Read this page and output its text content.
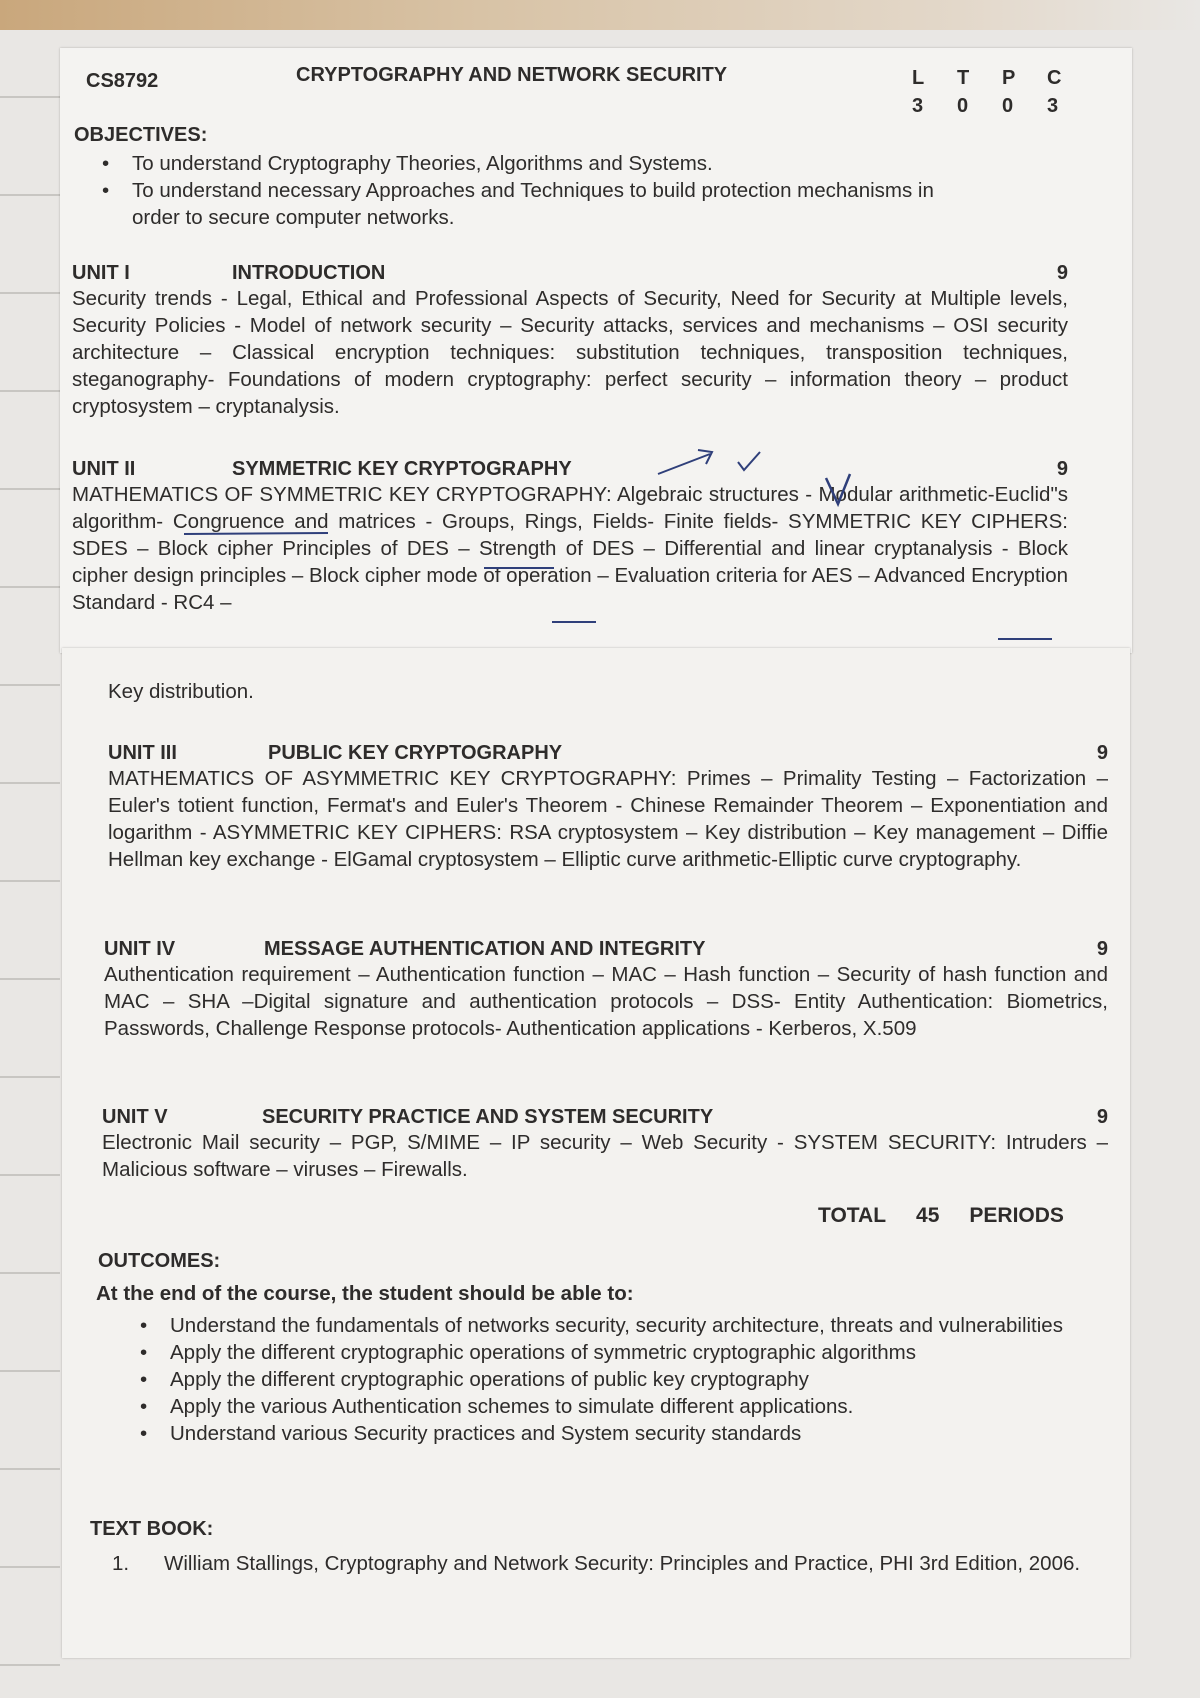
CS8792	CRYPTOGRAPHY AND NETWORK SECURITY	L	T	P	C
3	0	0	3
OBJECTIVES:
• To understand Cryptography Theories, Algorithms and Systems.
• To understand necessary Approaches and Techniques to build protection mechanisms in order to secure computer networks.
UNIT I	INTRODUCTION	9
Security trends - Legal, Ethical and Professional Aspects of Security, Need for Security at Multiple levels, Security Policies - Model of network security – Security attacks, services and mechanisms – OSI security architecture – Classical encryption techniques: substitution techniques, transposition techniques, steganography- Foundations of modern cryptography: perfect security – information theory – product cryptosystem – cryptanalysis.
UNIT II	SYMMETRIC KEY CRYPTOGRAPHY	9
MATHEMATICS OF SYMMETRIC KEY CRYPTOGRAPHY: Algebraic structures - Modular arithmetic-Euclid"s algorithm- Congruence and matrices - Groups, Rings, Fields- Finite fields- SYMMETRIC KEY CIPHERS: SDES – Block cipher Principles of DES – Strength of DES – Differential and linear cryptanalysis - Block cipher design principles – Block cipher mode of operation – Evaluation criteria for AES – Advanced Encryption Standard - RC4 –
Key distribution.
UNIT III	PUBLIC KEY CRYPTOGRAPHY	9
MATHEMATICS OF ASYMMETRIC KEY CRYPTOGRAPHY: Primes – Primality Testing – Factorization – Euler's totient function, Fermat's and Euler's Theorem - Chinese Remainder Theorem – Exponentiation and logarithm - ASYMMETRIC KEY CIPHERS: RSA cryptosystem – Key distribution – Key management – Diffie Hellman key exchange - ElGamal cryptosystem – Elliptic curve arithmetic-Elliptic curve cryptography.
UNIT IV	MESSAGE AUTHENTICATION AND INTEGRITY	9
Authentication requirement – Authentication function – MAC – Hash function – Security of hash function and MAC – SHA –Digital signature and authentication protocols – DSS- Entity Authentication: Biometrics, Passwords, Challenge Response protocols- Authentication applications - Kerberos, X.509
UNIT V	SECURITY PRACTICE AND SYSTEM SECURITY	9
Electronic Mail security – PGP, S/MIME – IP security – Web Security - SYSTEM SECURITY: Intruders – Malicious software – viruses – Firewalls.
TOTAL 45 PERIODS
OUTCOMES:
At the end of the course, the student should be able to:
• Understand the fundamentals of networks security, security architecture, threats and vulnerabilities
• Apply the different cryptographic operations of symmetric cryptographic algorithms
• Apply the different cryptographic operations of public key cryptography
• Apply the various Authentication schemes to simulate different applications.
• Understand various Security practices and System security standards
TEXT BOOK:
1.	William Stallings, Cryptography and Network Security: Principles and Practice, PHI 3rd Edition, 2006.
